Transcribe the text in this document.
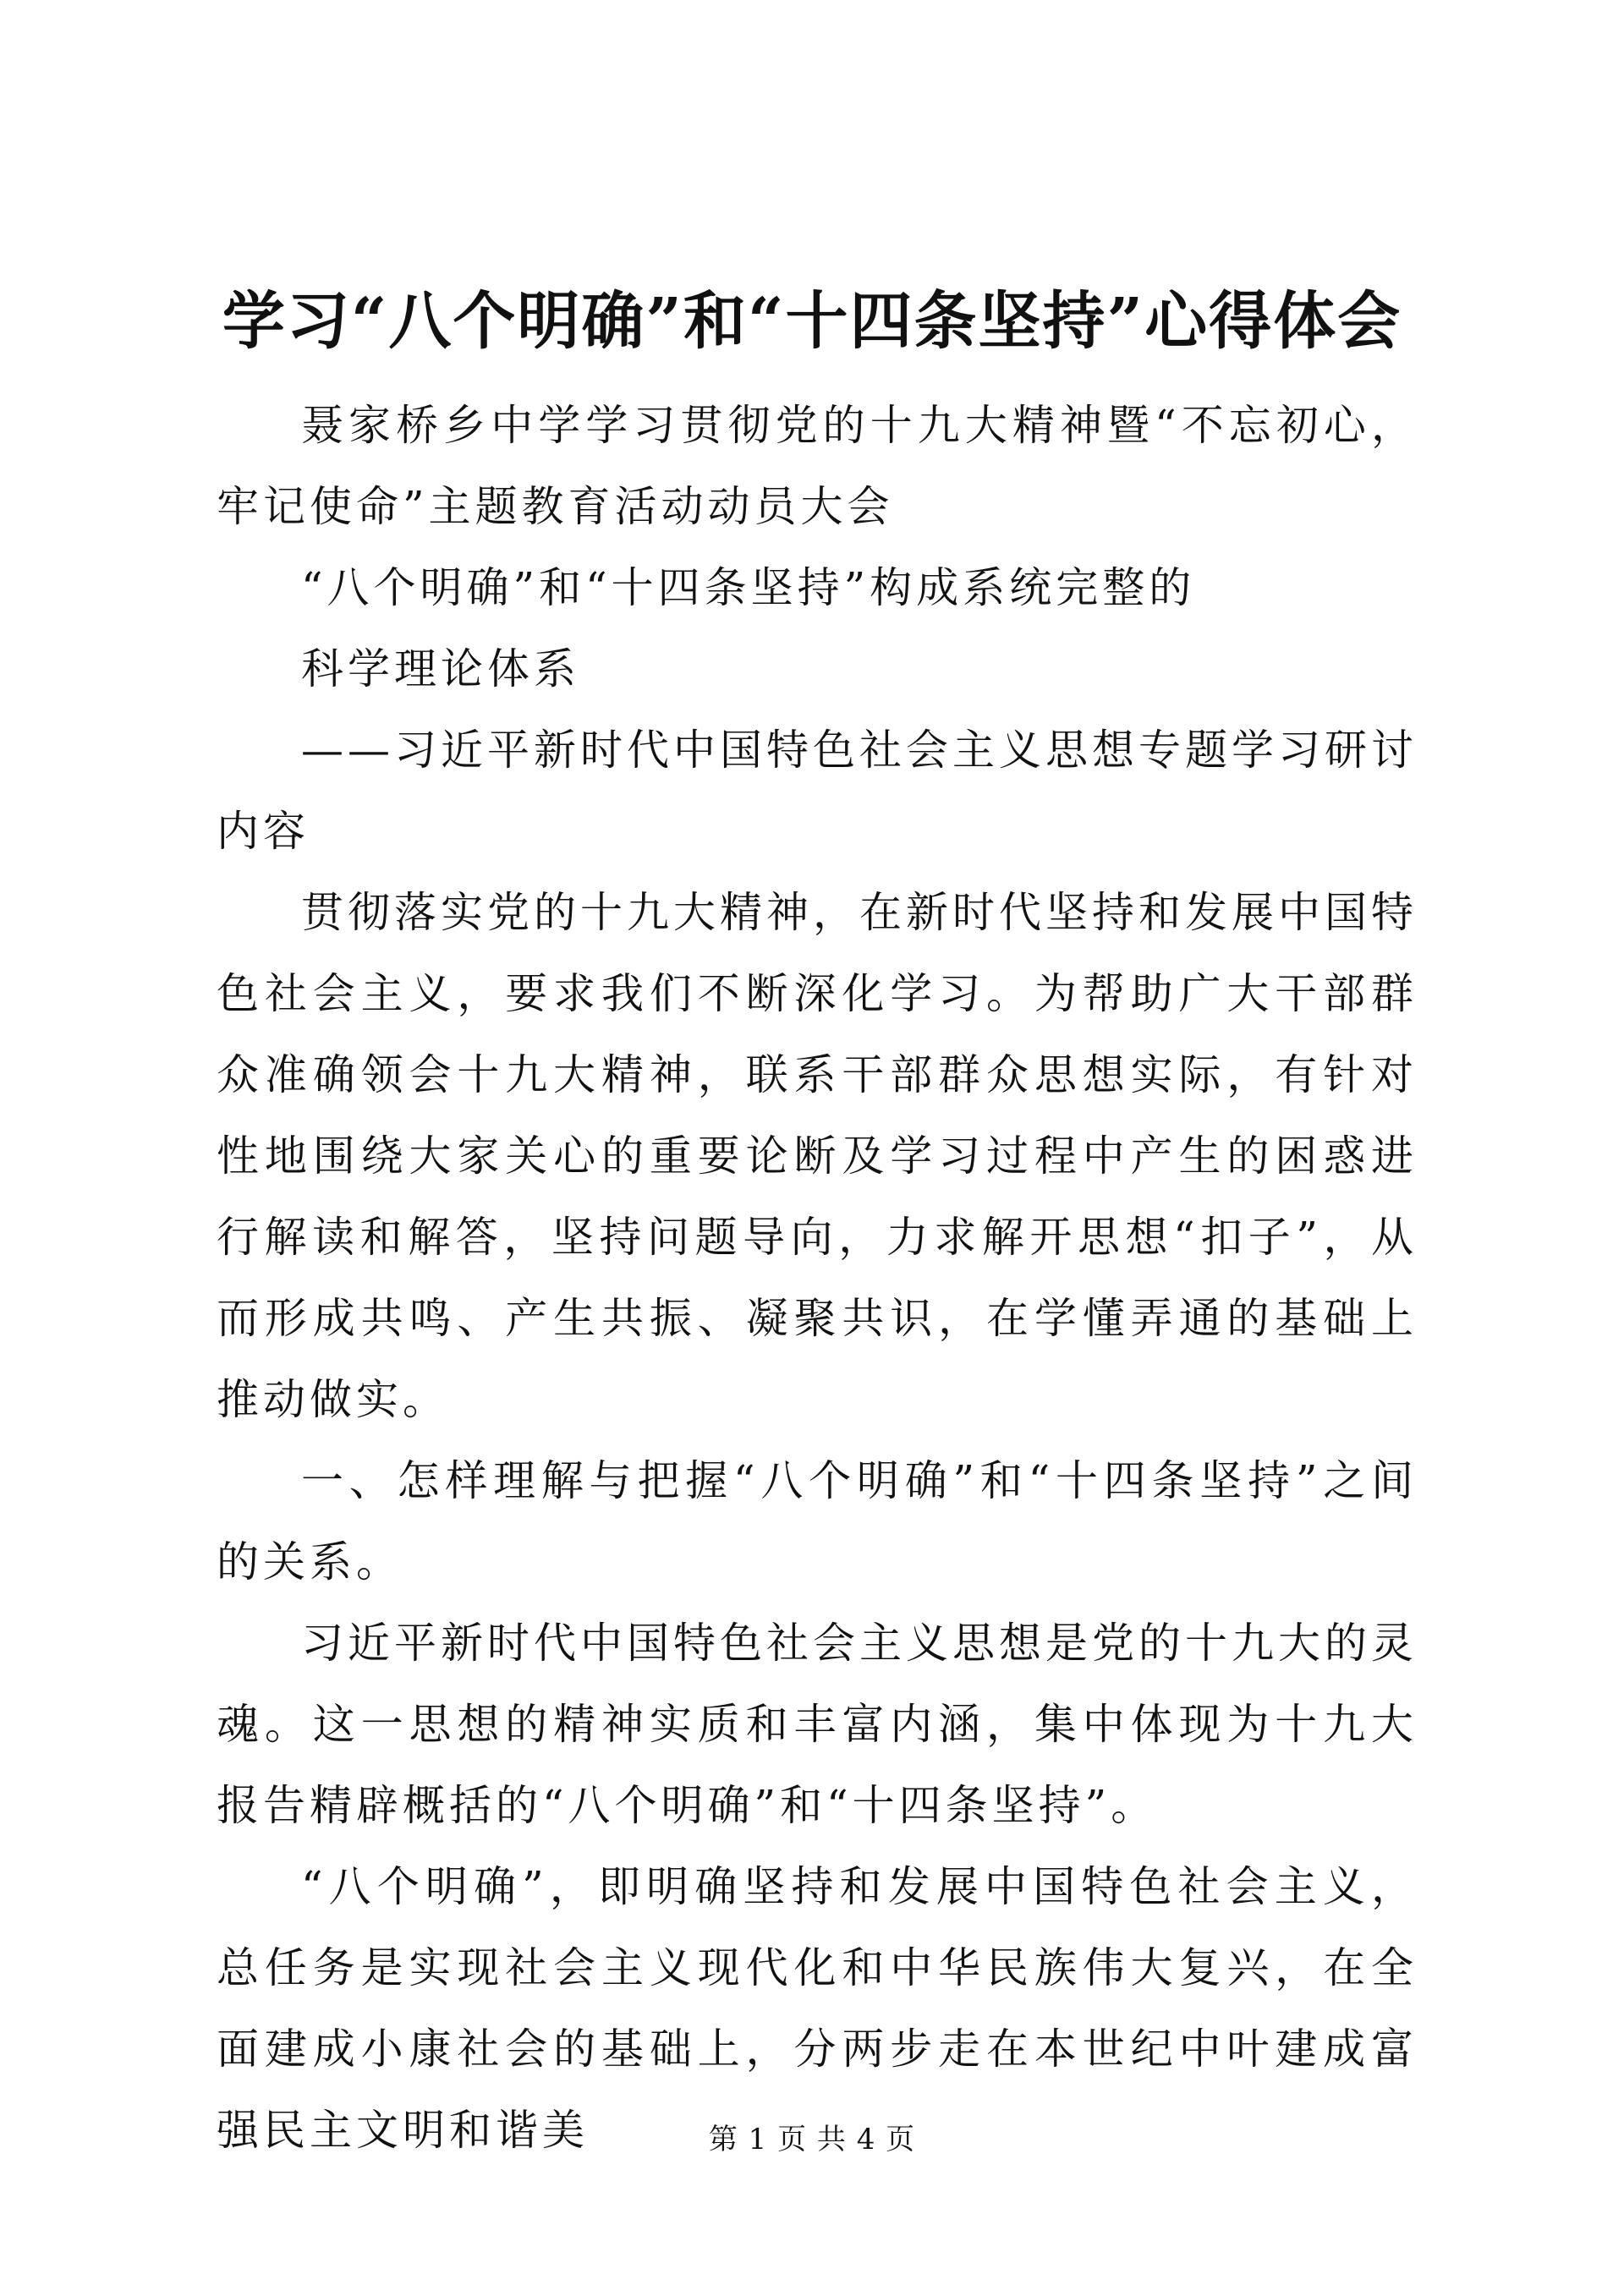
学习“八个明确”和“十四条坚持”心得体会

聂家桥乡中学学习贯彻党的十九大精神暨“不忘初心，牢记使命”主题教育活动动员大会

“八个明确”和“十四条坚持”构成系统完整的

科学理论体系

——习近平新时代中国特色社会主义思想专题学习研讨内容

贯彻落实党的十九大精神，在新时代坚持和发展中国特色社会主义，要求我们不断深化学习。为帮助广大干部群众准确领会十九大精神，联系干部群众思想实际，有针对性地围绕大家关心的重要论断及学习过程中产生的困惑进行解读和解答，坚持问题导向，力求解开思想“扣子”，从而形成共鸣、产生共振、凝聚共识，在学懂弄通的基础上推动做实。

一、怎样理解与把握“八个明确”和“十四条坚持”之间的关系。

习近平新时代中国特色社会主义思想是党的十九大的灵魂。这一思想的精神实质和丰富内涵，集中体现为十九大报告精辟概括的“八个明确”和“十四条坚持”。

“八个明确”，即明确坚持和发展中国特色社会主义，总任务是实现社会主义现代化和中华民族伟大复兴，在全面建成小康社会的基础上，分两步走在本世纪中叶建成富强民主文明和谐美	第 1 页 共 4 页
